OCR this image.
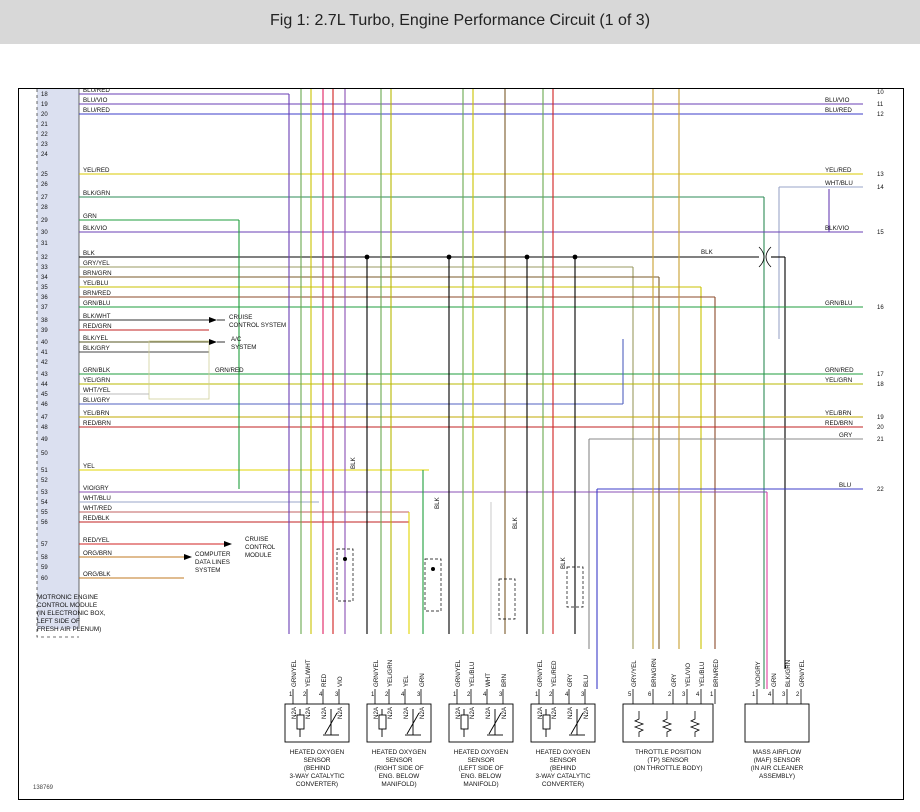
Fig 1: 2.7L Turbo, Engine Performance Circuit (1 of 3)
18
19
20
21
22
23
24
25
26
27
28
29
30
31
32
33
34
35
36
37
38
39
40
41
42
43
44
45
46
47
48
49
50
51
52
53
54
55
56
57
58
59
60
BLU/RED
BLU/VIO
BLU/RED
YEL/RED
BLK/GRN
GRN
BLK/VIO
BLK
GRY/YEL
BRN/GRN
YEL/BLU
BRN/RED
GRN/BLU
BLK/WHT
RED/GRN
BLK/YEL
BLK/GRY
GRN/BLK
YEL/GRN
WHT/YEL
BLU/GRY
YEL/BRN
RED/BRN
YEL
VIO/GRY
WHT/BLU
WHT/RED
RED/BLK
RED/YEL
ORG/BRN
ORG/BLK
GRN/RED
BLK
BLK
BLK
BLK
BLK
10
11
12
13
14
15
16
17
18
19
20
21
22
BLU/VIO
BLU/RED
YEL/RED
WHT/BLU
BLK/VIO
GRN/BLU
GRN/RED
YEL/GRN
YEL/BRN
RED/BRN
GRY
BLU
CRUISE
CONTROL SYSTEM
A/C
SYSTEM
CRUISE
CONTROL
MODULE
COMPUTER
DATA LINES
SYSTEM
MOTRONIC ENGINE
CONTROL MODULE
(IN ELECTRONIC BOX,
LEFT SIDE OF
FRESH AIR PLENUM)
GRN/YEL YEL/WHT RED VIO	GRN/YEL YEL/GRN YEL GRN	GRN/YEL YEL/BLU WHT BRN	GRN/YEL YEL/RED GRY BLU	GRY/YEL BRN/GRN GRY YEL/VIO YEL/BLU BRN/RED	VIO/GRY GRN BLK/GRN GRN/YEL
1 2 4 3	1 2 4 3	1 2 4 3	1 2 4 3	5	6	2 3 4 1	1 4 3 2
N2A N2A N2A N2A	N2A N2A N2A N2A	N2A N2A N2A N2A	N2A N2A N2A N2A
HEATED OXYGEN
SENSOR
(BEHIND
3-WAY CATALYTIC
CONVERTER)
HEATED OXYGEN
SENSOR
(RIGHT SIDE OF
ENG. BELOW
MANIFOLD)
HEATED OXYGEN
SENSOR
(LEFT SIDE OF
ENG. BELOW
MANIFOLD)
HEATED OXYGEN
SENSOR
(BEHIND
3-WAY CATALYTIC
CONVERTER)
THROTTLE POSITION
(TP) SENSOR
(ON THROTTLE BODY)
MASS AIRFLOW
(MAF) SENSOR
(IN AIR CLEANER
ASSEMBLY)
138769
